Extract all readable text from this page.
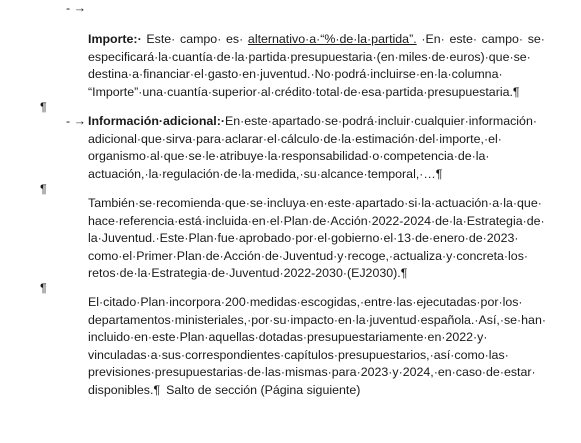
- →
Importe:· Este· campo· es· alternativo·a·“%·de·la·partida”. ·En· este· campo· se·
especificará·la·cuantía·de·la·partida·presupuestaria·(en·miles·de·euros)·que·se·
destina·a·financiar·el·gasto·en·juventud.·No·podrá·incluirse·en·la·columna·
“Importe”·una·cuantía·superior·al·crédito·total·de·esa·partida·presupuestaria.¶
¶
- → Información·adicional:· En·este·apartado·se·podrá·incluir·cualquier·información·
adicional·que·sirva·para·aclarar·el·cálculo·de·la·estimación·del·importe,·el·
organismo·al·que·se·le·atribuye·la·responsabilidad·o·competencia·de·la·
actuación,·la·regulación·de·la·medida,·su·alcance·temporal,·…¶
¶
También·se·recomienda·que·se·incluya·en·este·apartado·si·la·actuación·a·la·que·
hace·referencia·está·incluida·en·el·Plan·de·Acción·2022-2024·de·la·Estrategia·de·
la·Juventud.·Este·Plan·fue·aprobado·por·el·gobierno·el·13·de·enero·de·2023·
como·el·Primer·Plan·de·Acción·de·Juventud·y·recoge,·actualiza·y·concreta·los·
retos·de·la·Estrategia·de·Juventud·2022-2030·(EJ2030).¶
¶
El·citado·Plan·incorpora·200·medidas·escogidas,·entre·las·ejecutadas·por·los·
departamentos·ministeriales,·por·su·impacto·en·la·juventud·española.·Así,·se·han·
incluido·en·este·Plan·aquellas·dotadas·presupuestariamente·en·2022·y·
vinculadas·a·sus·correspondientes·capítulos·presupuestarios,·así·como·las·
previsiones·presupuestarias·de·las·mismas·para·2023·y·2024,·en·caso·de·estar·
disponibles.¶ Salto de sección (Página siguiente)
